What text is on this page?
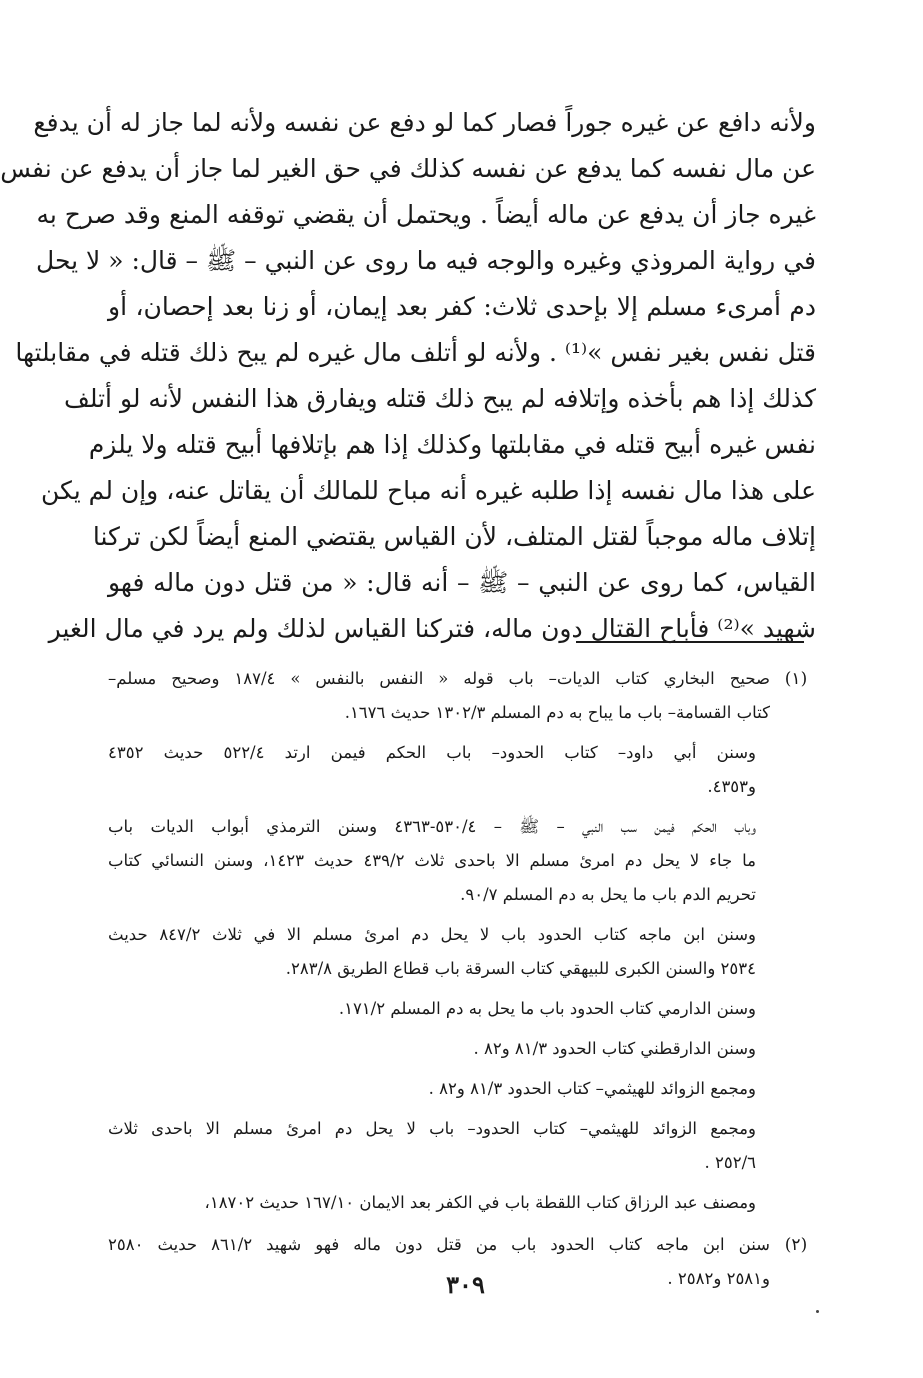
ولأنه دافع عن غيره جوراً فصار كما لو دفع عن نفسه ولأنه لما جاز له أن يدفع
عن مال نفسه كما يدفع عن نفسه كذلك في حق الغير لما جاز أن يدفع عن نفس
غيره جاز أن يدفع عن ماله أيضاً . ويحتمل أن يقضي توقفه المنع وقد صرح به
في رواية المروذي وغيره والوجه فيه ما روى عن النبي – ﷺ – قال: « لا يحل
دم أمرىء مسلم إلا بإحدى ثلاث: كفر بعد إيمان، أو زنا بعد إحصان، أو
قتل نفس بغير نفس »⁽¹⁾ . ولأنه لو أتلف مال غيره لم يبح ذلك قتله في مقابلتها
كذلك إذا هم بأخذه وإتلافه لم يبح ذلك قتله ويفارق هذا النفس لأنه لو أتلف
نفس غيره أبيح قتله في مقابلتها وكذلك إذا هم بإتلافها أبيح قتله ولا يلزم
على هذا مال نفسه إذا طلبه غيره أنه مباح للمالك أن يقاتل عنه، وإن لم يكن
إتلاف ماله موجباً لقتل المتلف، لأن القياس يقتضي المنع أيضاً لكن تركنا
القياس، كما روى عن النبي – ﷺ – أنه قال: « من قتل دون ماله فهو
شهيد »⁽²⁾ فأباح القتال دون ماله، فتركنا القياس لذلك ولم يرد في مال الغير
(١)
صحيح البخاري كتاب الديات– باب قوله « النفس بالنفس » ١٨٧/٤ وصحيح مسلم–
كتاب القسامة– باب ما يباح به دم المسلم ١٣٠٢/٣ حديث ١٦٧٦.
وسنن أبي داود– كتاب الحدود– باب الحكم فيمن ارتد ٥٢٢/٤ حديث ٤٣٥٢
و٤٣٥٣.
وباب الحكم فيمن سب النبي – ﷺ – ٥٣٠/٤-٤٣٦٣ وسنن الترمذي أبواب الديات باب
ما جاء لا يحل دم امرئ مسلم الا باحدى ثلاث ٤٣٩/٢ حديث ١٤٢٣، وسنن النسائي كتاب
تحريم الدم باب ما يحل به دم المسلم ٩٠/٧.
وسنن ابن ماجه كتاب الحدود باب لا يحل دم امرئ مسلم الا في ثلاث ٨٤٧/٢ حديث
٢٥٣٤ والسنن الكبرى للبيهقي كتاب السرقة باب قطاع الطريق ٢٨٣/٨.
وسنن الدارمي كتاب الحدود باب ما يحل به دم المسلم ١٧١/٢.
وسنن الدارقطني كتاب الحدود ٨١/٣ و٨٢ .
ومجمع الزوائد للهيثمي– كتاب الحدود ٨١/٣ و٨٢ .
ومجمع الزوائد للهيثمي– كتاب الحدود– باب لا يحل دم امرئ مسلم الا باحدى ثلاث
٢٥٢/٦ .
ومصنف عبد الرزاق كتاب اللقطة باب في الكفر بعد الايمان ١٦٧/١٠ حديث ١٨٧٠٢،
(٢)
سنن ابن ماجه كتاب الحدود باب من قتل دون ماله فهو شهيد ٨٦١/٢ حديث ٢٥٨٠
و٢٥٨١ و٢٥٨٢ .
٣٠٩
